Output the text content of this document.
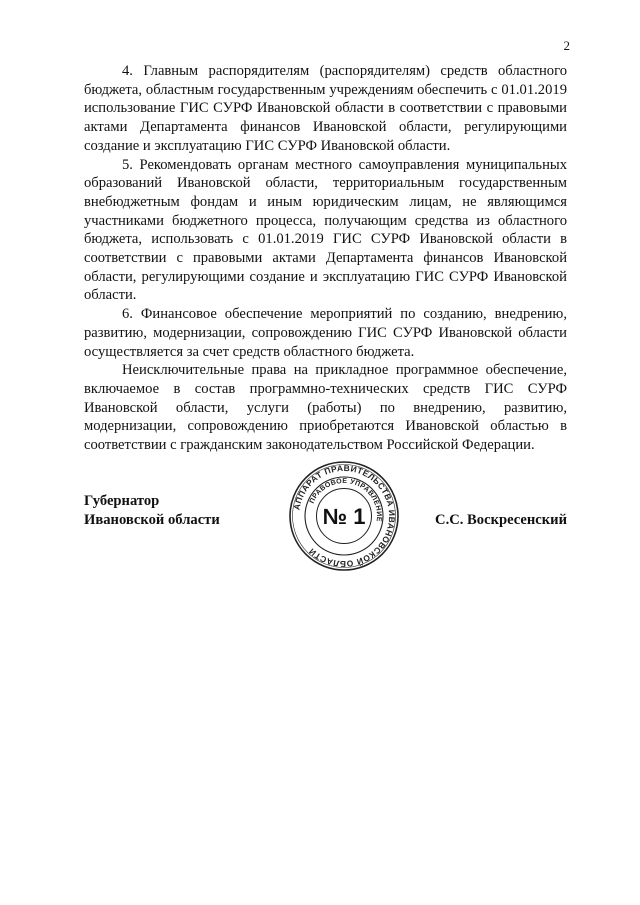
2

4. Главным распорядителям (распорядителям) средств областного бюджета, областным государственным учреждениям обеспечить с 01.01.2019 использование ГИС СУРФ Ивановской области в соответствии с правовыми актами Департамента финансов Ивановской области, регулирующими создание и эксплуатацию ГИС СУРФ Ивановской области.

5. Рекомендовать органам местного самоуправления муниципальных образований Ивановской области, территориальным государственным внебюджетным фондам и иным юридическим лицам, не являющимся участниками бюджетного процесса, получающим средства из областного бюджета, использовать с 01.01.2019 ГИС СУРФ Ивановской области в соответствии с правовыми актами Департамента финансов Ивановской области, регулирующими создание и эксплуатацию ГИС СУРФ Ивановской области.

6. Финансовое обеспечение мероприятий по созданию, внедрению, развитию, модернизации, сопровождению ГИС СУРФ Ивановской области осуществляется за счет средств областного бюджета.

Неисключительные права на прикладное программное обеспечение, включаемое в состав программно-технических средств ГИС СУРФ Ивановской области, услуги (работы) по внедрению, развитию, модернизации, сопровождению приобретаются Ивановской областью в соответствии с гражданским законодательством Российской Федерации.

Губернатор
Ивановской области	С.С. Воскресенский
АППАРАТ ПРАВИТЕЛЬСТВА ИВАНОВСКОЙ ОБЛАСТИ
ПРАВОВОЕ УПРАВЛЕНИЕ
№ 1
